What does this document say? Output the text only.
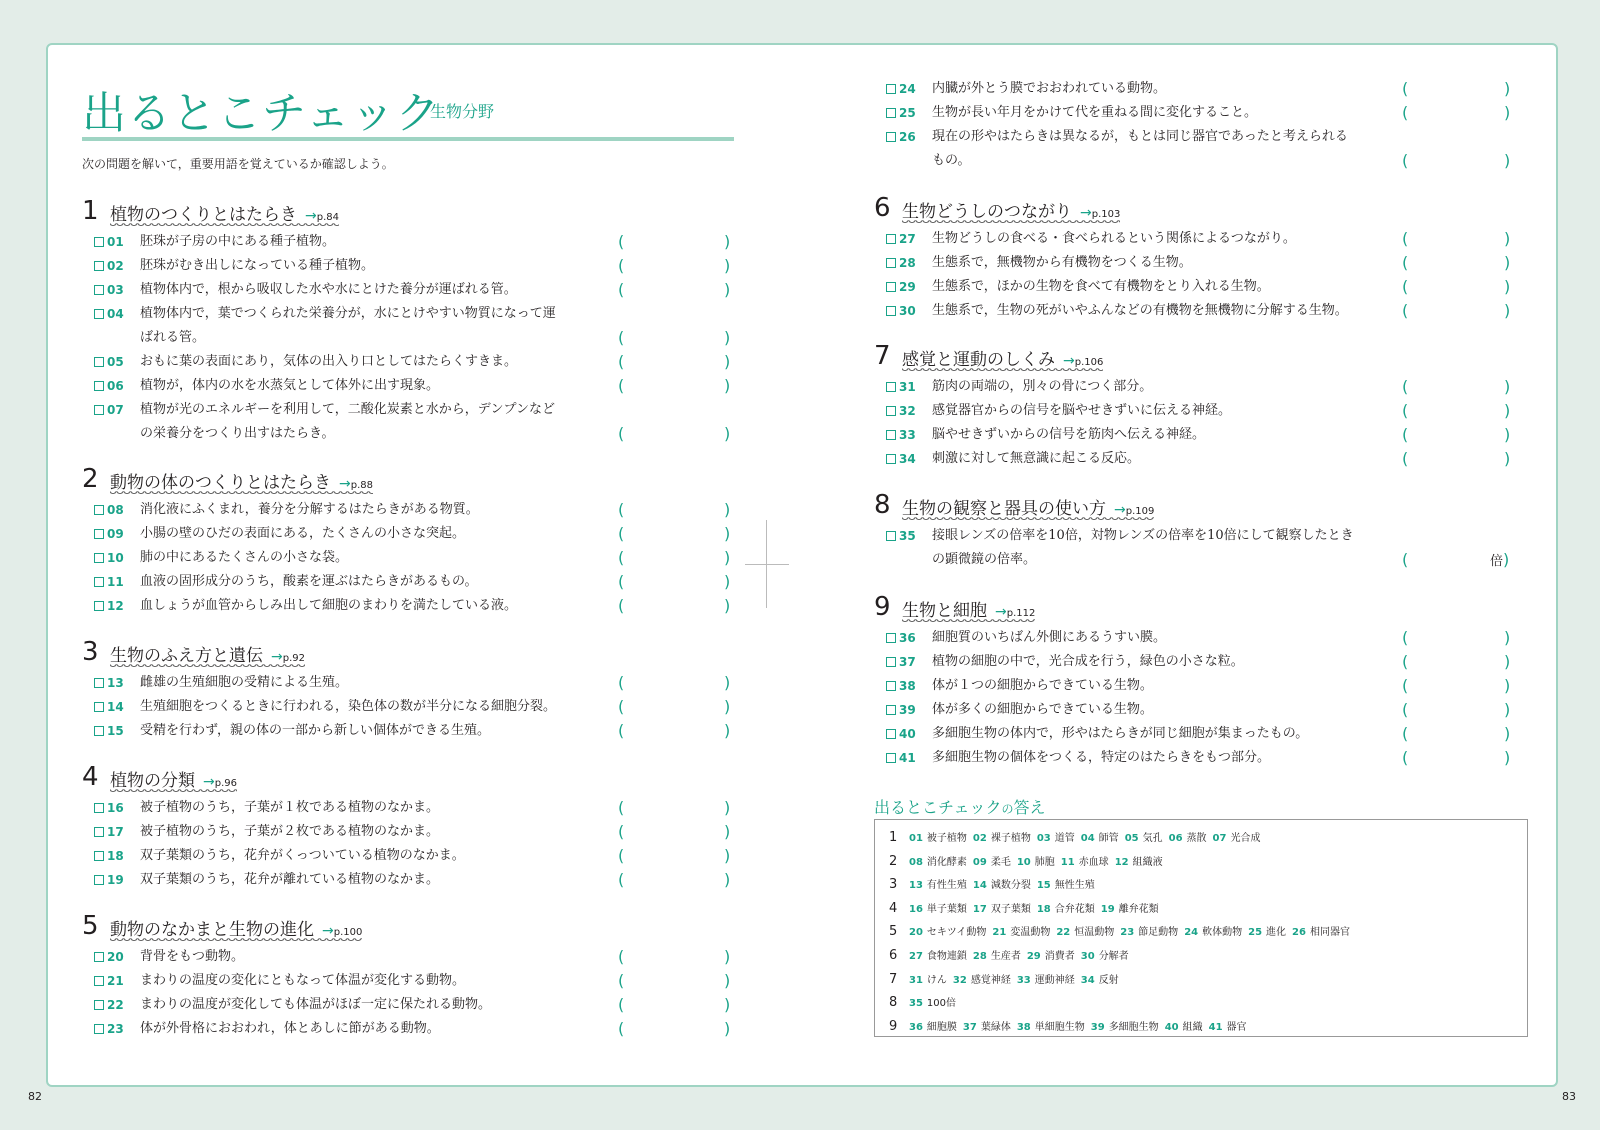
出るとこチェック
生物分野
次の問題を解いて，重要用語を覚えているか確認しよう。
1 植物のつくりとはたらき →p.84
01 胚珠が子房の中にある種子植物。	(	)
02 胚珠がむき出しになっている種子植物。	(	)
03 植物体内で，根から吸収した水や水にとけた養分が運ばれる管。	(	)
04 植物体内で，葉でつくられた栄養分が，水にとけやすい物質になって運
ばれる管。	(	)
05 おもに葉の表面にあり，気体の出入り口としてはたらくすきま。	(	)
06 植物が，体内の水を水蒸気として体外に出す現象。	(	)
07 植物が光のエネルギーを利用して，二酸化炭素と水から，デンプンなど
の栄養分をつくり出すはたらき。	(	)
2 動物の体のつくりとはたらき →p.88
08 消化液にふくまれ，養分を分解するはたらきがある物質。	(	)
09 小腸の壁のひだの表面にある，たくさんの小さな突起。	(	)
10 肺の中にあるたくさんの小さな袋。	(	)
11 血液の固形成分のうち，酸素を運ぶはたらきがあるもの。	(	)
12 血しょうが血管からしみ出して細胞のまわりを満たしている液。	(	)
3 生物のふえ方と遺伝 →p.92
13 雌雄の生殖細胞の受精による生殖。	(	)
14 生殖細胞をつくるときに行われる，染色体の数が半分になる細胞分裂。	(	)
15 受精を行わず，親の体の一部から新しい個体ができる生殖。	(	)
4 植物の分類 →p.96
16 被子植物のうち，子葉が１枚である植物のなかま。	(	)
17 被子植物のうち，子葉が２枚である植物のなかま。	(	)
18 双子葉類のうち，花弁がくっついている植物のなかま。	(	)
19 双子葉類のうち，花弁が離れている植物のなかま。	(	)
5 動物のなかまと生物の進化 →p.100
20 背骨をもつ動物。	(	)
21 まわりの温度の変化にともなって体温が変化する動物。	(	)
22 まわりの温度が変化しても体温がほぼ一定に保たれる動物。	(	)
23 体が外骨格におおわれ，体とあしに節がある動物。	(	)
24 内臓が外とう膜でおおわれている動物。	(	)
25 生物が長い年月をかけて代を重ねる間に変化すること。	(	)
26 現在の形やはたらきは異なるが，もとは同じ器官であったと考えられる
もの。	(	)
6 生物どうしのつながり →p.103
27 生物どうしの食べる・食べられるという関係によるつながり。	(	)
28 生態系で，無機物から有機物をつくる生物。	(	)
29 生態系で，ほかの生物を食べて有機物をとり入れる生物。	(	)
30 生態系で，生物の死がいやふんなどの有機物を無機物に分解する生物。	(	)
7 感覚と運動のしくみ →p.106
31 筋肉の両端の，別々の骨につく部分。	(	)
32 感覚器官からの信号を脳やせきずいに伝える神経。	(	)
33 脳やせきずいからの信号を筋肉へ伝える神経。	(	)
34 刺激に対して無意識に起こる反応。	(	)
8 生物の観察と器具の使い方 →p.109
35 接眼レンズの倍率を10倍，対物レンズの倍率を10倍にして観察したとき
の顕微鏡の倍率。	(	倍)
9 生物と細胞 →p.112
36 細胞質のいちばん外側にあるうすい膜。	(	)
37 植物の細胞の中で，光合成を行う，緑色の小さな粒。	(	)
38 体が１つの細胞からできている生物。	(	)
39 体が多くの細胞からできている生物。	(	)
40 多細胞生物の体内で，形やはたらきが同じ細胞が集まったもの。	(	)
41 多細胞生物の個体をつくる，特定のはたらきをもつ部分。	(	)
出るとこチェックの答え
1 01 被子植物 02 裸子植物 03 道管 04 師管 05 気孔 06 蒸散 07 光合成
2 08 消化酵素 09 柔毛 10 肺胞 11 赤血球 12 組織液
3 13 有性生殖 14 減数分裂 15 無性生殖
4 16 単子葉類 17 双子葉類 18 合弁花類 19 離弁花類
5 20 セキツイ動物 21 変温動物 22 恒温動物 23 節足動物 24 軟体動物 25 進化 26 相同器官
6 27 食物連鎖 28 生産者 29 消費者 30 分解者
7 31 けん 32 感覚神経 33 運動神経 34 反射
8 35 100倍
9 36 細胞膜 37 葉緑体 38 単細胞生物 39 多細胞生物 40 組織 41 器官
82	83
